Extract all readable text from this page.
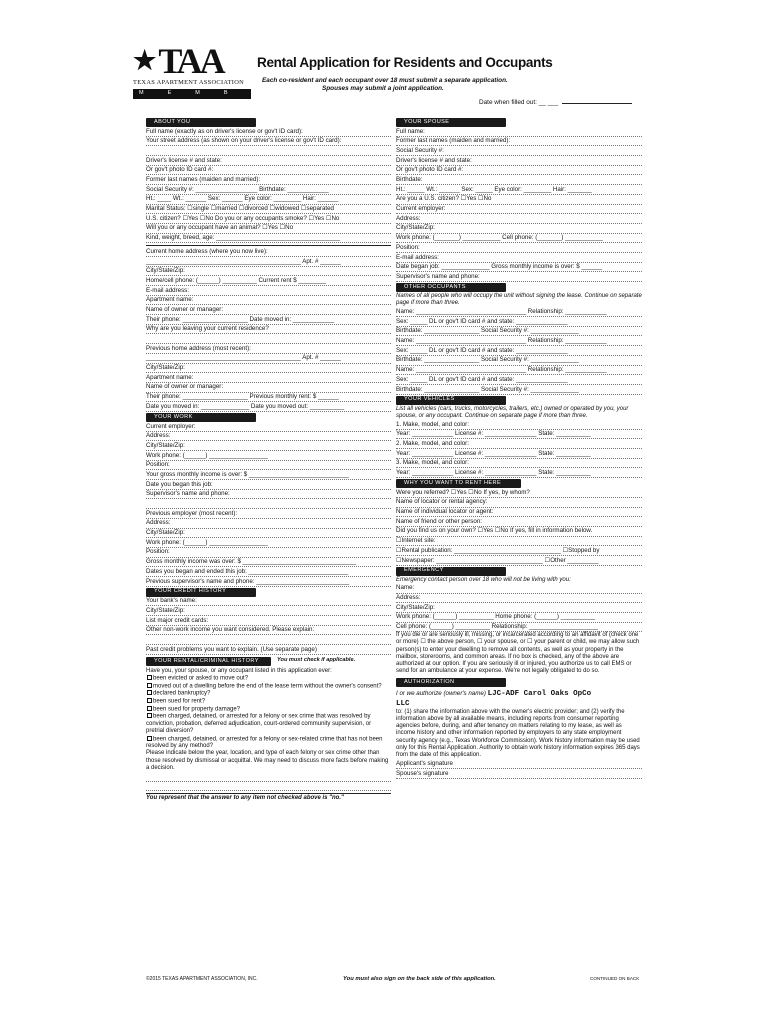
★ TAA
TEXAS APARTMENT ASSOCIATION
MEMBER
Rental Application for Residents and Occupants
Each co-resident and each occupant over 18 must submit a separate application.
Spouses may submit a joint application.
Date when filled out: __ ___
ABOUT YOU
Full name (exactly as on driver's license or gov't ID card):
Your street address (as shown on your driver's license or gov't ID card):
Driver's license # and state:
Or gov't photo ID card #:
Former last names (maiden and married):
Social Security #: __________________ Birthdate: ____________
Ht.: ____ Wt.: ______ Sex: ______ Eye color: ________ Hair: ______
Marital Status: ☐single ☐married ☐divorced ☐widowed ☐separated
U.S. citizen? ☐Yes ☐No Do you or any occupants smoke? ☐Yes ☐No
Will you or any occupant have an animal? ☐Yes ☐No
Kind, weight, breed, age: ____________________________________
Current home address (where you now live):
_____________________________________________ Apt. # ______
City/State/Zip:
Home/cell phone: (______) __________ Current rent $ ________
E-mail address:
Apartment name:
Name of owner or manager:
Their phone: ___________________ Date moved in: ____________
Why are you leaving your current residence?
Previous home address (most recent):
_____________________________________________ Apt. # ______
City/State/Zip:
Apartment name:
Name of owner or manager:
Their phone: ___________________ Previous monthly rent: $ ______
Date you moved in: ______________ Date you moved out: __________
YOUR WORK
Current employer:
Address:
City/State/Zip:
Work phone: (______) _________________
Position:
Your gross monthly income is over: $ _____________________________
Date you began this job:
Supervisor's name and phone:
Previous employer (most recent):
Address:
City/State/Zip:
Work phone: (______) _________________
Position:
Gross monthly income was over: $ _________________________________
Dates you began and ended this job: _____________________________
Previous supervisor's name and phone: ___________________________
YOUR CREDIT HISTORY
Your bank's name:
City/State/Zip:
List major credit cards:
Other non-work income you want considered. Please explain:
Past credit problems you want to explain. (Use separate page)
YOUR RENTAL/CRIMINAL HISTORY	You must check if applicable.
Have you, your spouse, or any occupant listed in this application ever:
been evicted or asked to move out?
moved out of a dwelling before the end of the lease term without the owner's consent?
declared bankruptcy?
been sued for rent?
been sued for property damage?
been charged, detained, or arrested for a felony or sex crime that was resolved by conviction, probation, deferred adjudication, court-ordered community supervision, or pretrial diversion?
been charged, detained, or arrested for a felony or sex-related crime that has not been resolved by any method?
Please indicate below the year, location, and type of each felony or sex crime other than those resolved by dismissal or acquittal. We may need to discuss more facts before making a decision.
You represent that the answer to any item not checked above is "no."
YOUR SPOUSE
Full name:
Former last names (maiden and married):
Social Security #:
Driver's license # and state:
Or gov't photo ID card #:
Birthdate:
Ht.: _____ Wt.: ______ Sex: _____ Eye color: ________ Hair: _______
Are you a U.S. citizen? ☐Yes ☐No
Current employer:
Address:
City/State/Zip:
Work phone: (_______) ___________ Cell phone: (_______) ___________
Position:
E-mail address:
Date began job: ______________ Gross monthly income is over: $ ______
Supervisor's name and phone:
OTHER OCCUPANTS
Names of all people who will occupy the unit without signing the lease. Continue on separate page if more than three.
Name: ________________________________ Relationship: ____________
Sex: _____ DL or gov't ID card # and state: _______________
Birthdate: ________________ Social Security #: ______________
Name: ________________________________ Relationship: ____________
Sex: _____ DL or gov't ID card # and state: _______________
Birthdate: ________________ Social Security #: ______________
Name: ________________________________ Relationship: ____________
Sex: _____ DL or gov't ID card # and state: _______________
Birthdate: ________________ Social Security #: ______________
YOUR VEHICLES
List all vehicles (cars, trucks, motorcycles, trailers, etc.) owned or operated by you, your spouse, or any occupant. Continue on separate page if more than three.
1. Make, model, and color:
Year: ____________ License #: _______________ State: __________
2. Make, model, and color:
Year: ____________ License #: _______________ State: __________
3. Make, model, and color:
Year: ____________ License #: _______________ State: __________
WHY YOU WANT TO RENT HERE
Were you referred? ☐Yes ☐No If yes, by whom?
Name of locator or rental agency:
Name of individual locator or agent:
Name of friend or other person:
Did you find us on your own? ☐Yes ☐No If yes, fill in information below.
☐Internet site:
☐Rental publication: _______________________________ ☐Stopped by
☐Newspaper: _______________________________ ☐Other _________
EMERGENCY
Emergency contact person over 18 who will not be living with you:
Name:
Address:
City/State/Zip:
Work phone: (______) __________ Home phone: (______) __________
Cell phone: (______) __________ Relationship: ____________________
If you die or are seriously ill, missing, or incarcerated according to an affidavit of (check one or more) ☐ the above person, ☐ your spouse, or ☐ your parent or child, we may allow such person(s) to enter your dwelling to remove all contents, as well as your property in the mailbox, storerooms, and common areas. If no box is checked, any of the above are authorized at our option. If you are seriously ill or injured, you authorize us to call EMS or send for an ambulance at your expense. We're not legally obligated to do so.
AUTHORIZATION
I or we authorize (owner's name) LJC-ADF Carol Oaks OpCo
LLC
to: (1) share the information above with the owner's electric provider; and (2) verify the information above by all available means, including reports from consumer reporting agencies before, during, and after tenancy on matters relating to my lease, as well as income history and other information reported by employers to any state employment security agency (e.g., Texas Workforce Commission). Work history information may be used only for this Rental Application. Authority to obtain work history information expires 365 days from the date of this application.
Applicant's signature
Spouse's signature
©2015 TEXAS APARTMENT ASSOCIATION, INC.	You must also sign on the back side of this application.	CONTINUED ON BACK
